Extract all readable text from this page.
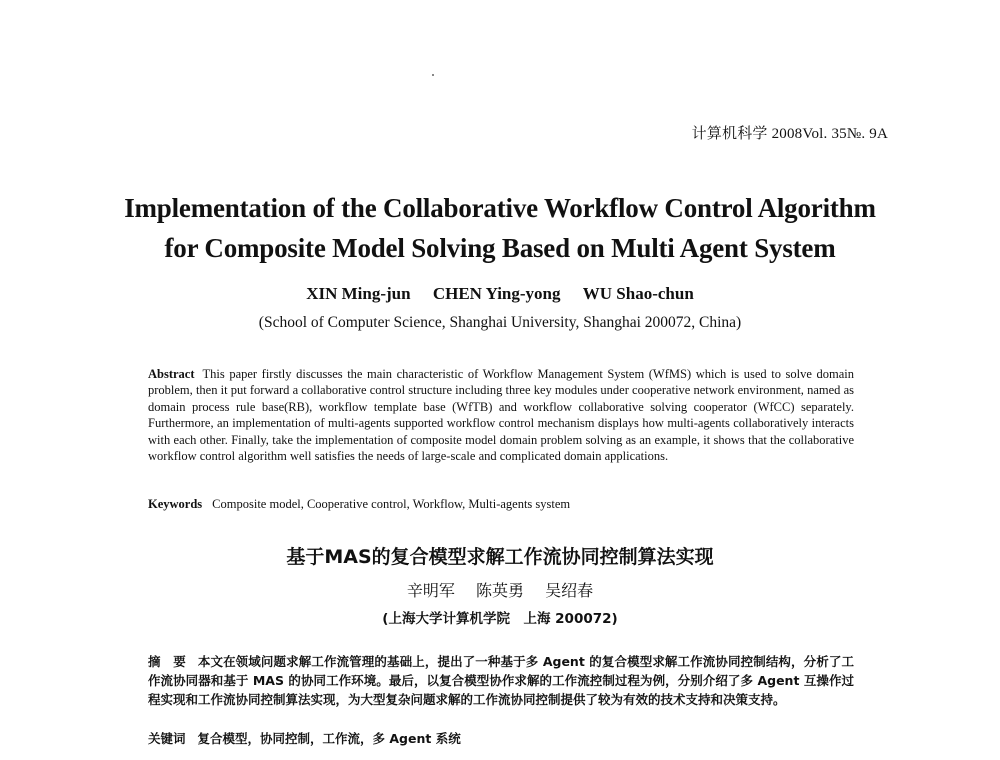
计算机科学 2008Vol. 35№. 9A
Implementation of the Collaborative Workflow Control Algorithm
for Composite Model Solving Based on Multi Agent System
XIN Ming-jun CHEN Ying-yong WU Shao-chun
(School of Computer Science, Shanghai University, Shanghai 200072, China)
Abstract This paper firstly discusses the main characteristic of Workflow Management System (WfMS) which is used to solve domain problem, then it put forward a collaborative control structure including three key modules under cooperative network environment, named as domain process rule base(RB), workflow template base (WfTB) and workflow collaborative solving cooperator (WfCC) separately. Furthermore, an implementation of multi-agents supported workflow control mechanism displays how multi-agents collaboratively interacts with each other. Finally, take the implementation of composite model domain problem solving as an example, it shows that the collaborative workflow control algorithm well satisfies the needs of large-scale and complicated domain applications.
Keywords Composite model, Cooperative control, Workflow, Multi-agents system
基于MAS的复合模型求解工作流协同控制算法实现
辛明军 陈英勇 吴绍春
(上海大学计算机学院　上海 200072)
摘　要 本文在领域问题求解工作流管理的基础上，提出了一种基于多 Agent 的复合模型求解工作流协同控制结构，分析了工作流协同器和基于 MAS 的协同工作环境。最后，以复合模型协作求解的工作流控制过程为例，分别介绍了多 Agent 互操作过程实现和工作流协同控制算法实现，为大型复杂问题求解的工作流协同控制提供了较为有效的技术支持和决策支持。
关键词 复合模型，协同控制，工作流，多 Agent 系统
